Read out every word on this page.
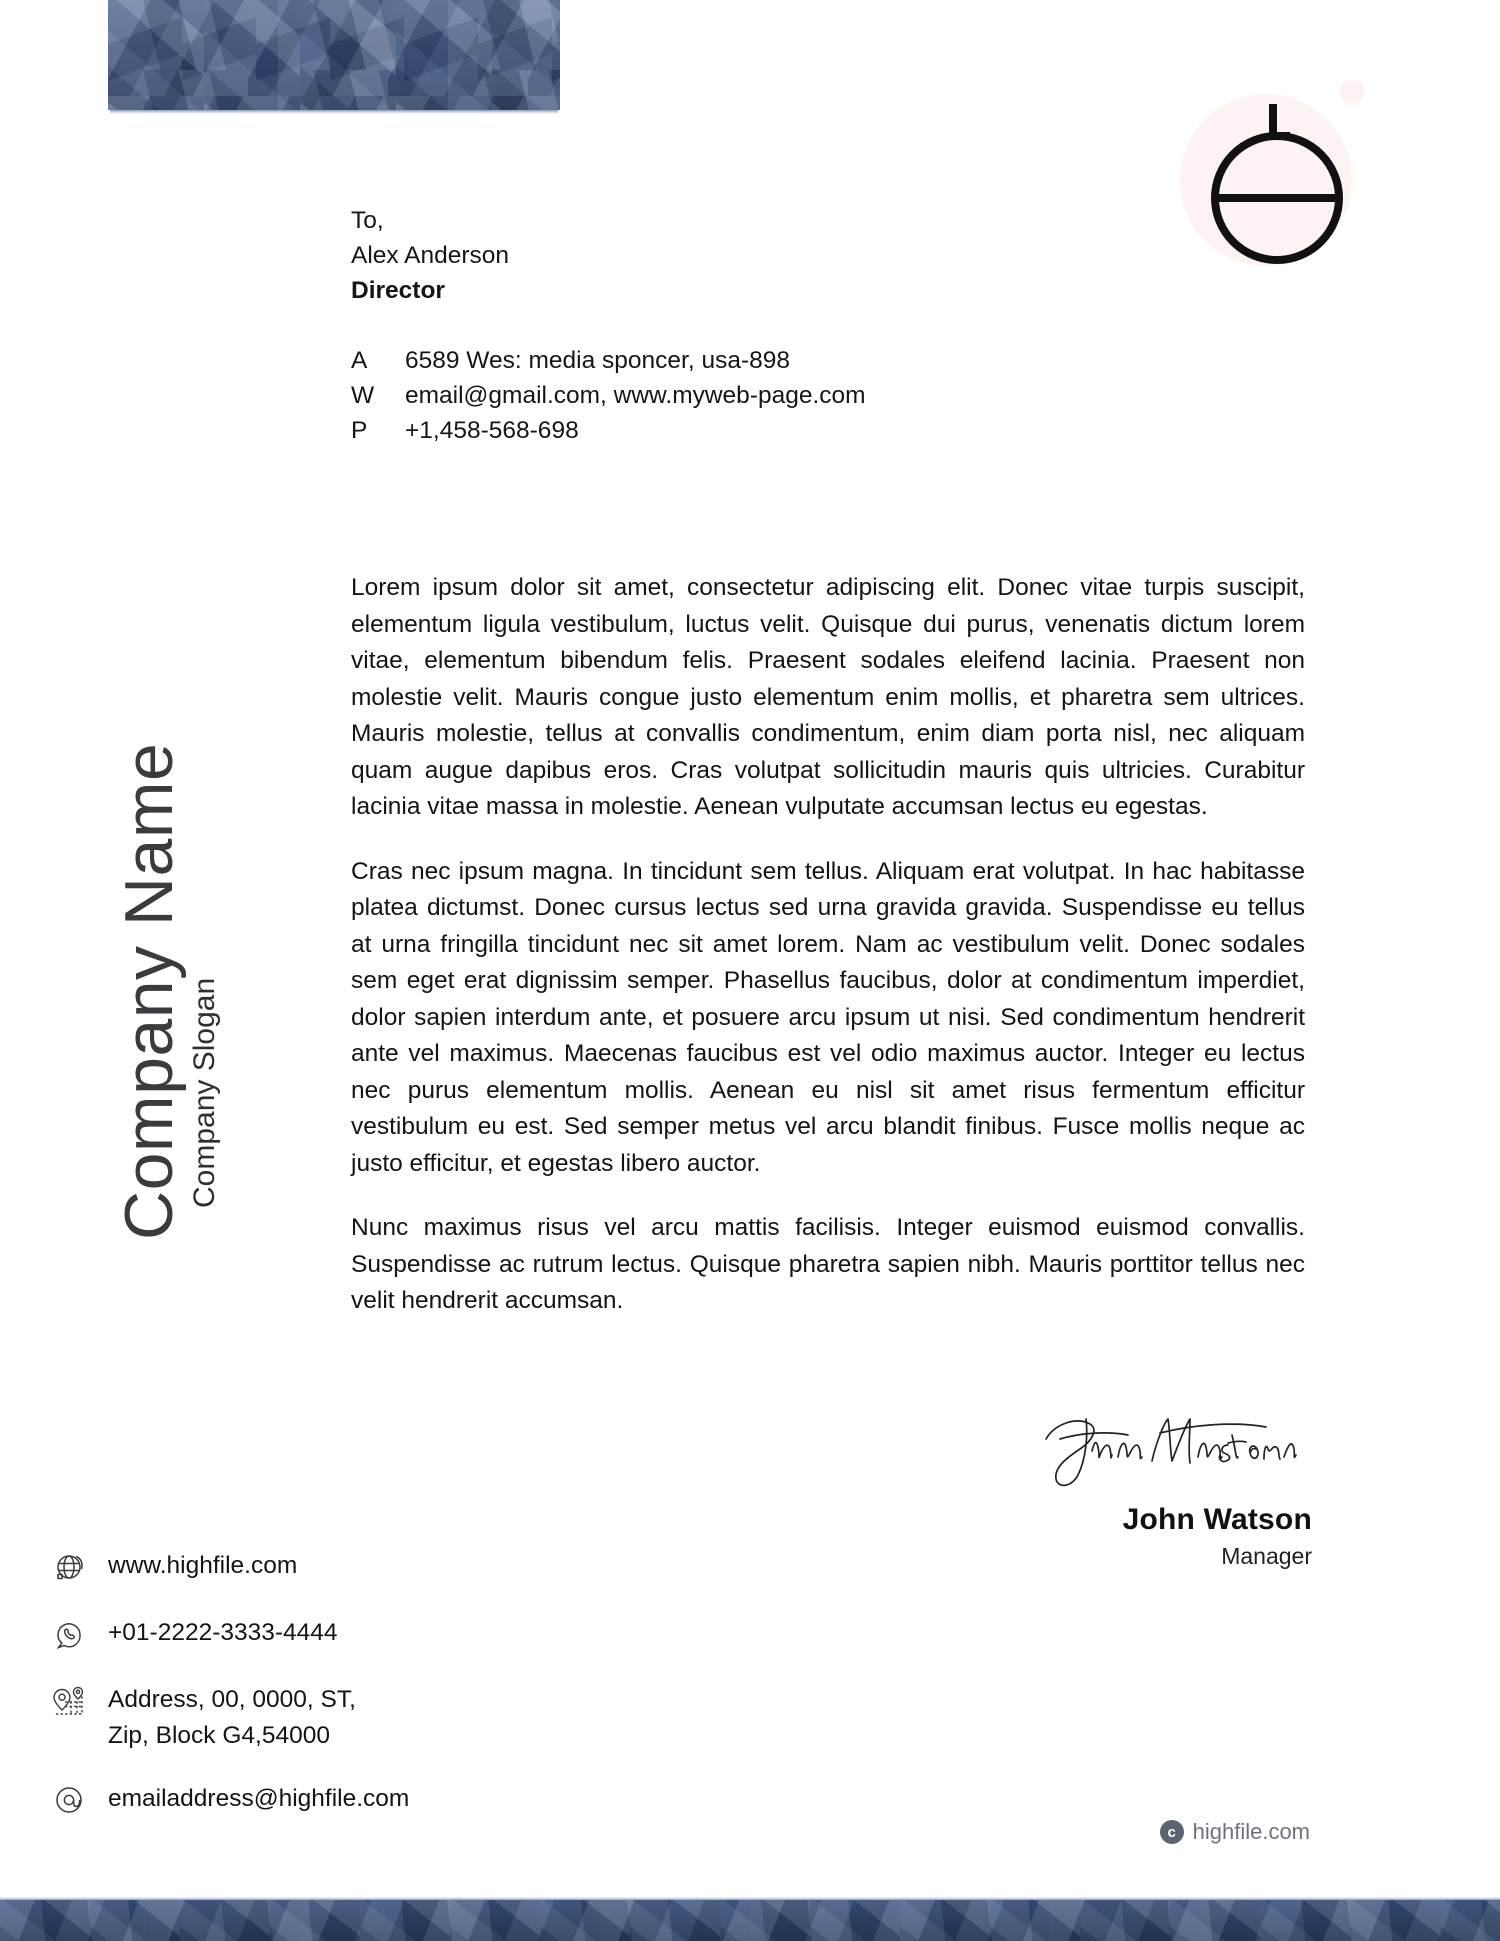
Company Name Company Slogan
To,
Alex Anderson
Director
A	6589 Wes: media sponcer, usa-898
W	email@gmail.com, www.myweb-page.com
P	+1,458-568-698

Lorem ipsum dolor sit amet, consectetur adipiscing elit. Donec vitae turpis suscipit, elementum ligula vestibulum, luctus velit. Quisque dui purus, venenatis dictum lorem vitae, elementum bibendum felis. Praesent sodales eleifend lacinia. Praesent non molestie velit. Mauris congue justo elementum enim mollis, et pharetra sem ultrices. Mauris molestie, tellus at convallis condimentum, enim diam porta nisl, nec aliquam quam augue dapibus eros. Cras volutpat sollicitudin mauris quis ultricies. Curabitur lacinia vitae massa in molestie. Aenean vulputate accumsan lectus eu egestas.

Cras nec ipsum magna. In tincidunt sem tellus. Aliquam erat volutpat. In hac habitasse platea dictumst. Donec cursus lectus sed urna gravida gravida. Suspendisse eu tellus at urna fringilla tincidunt nec sit amet lorem. Nam ac vestibulum velit. Donec sodales sem eget erat dignissim semper. Phasellus faucibus, dolor at condimentum imperdiet, dolor sapien interdum ante, et posuere arcu ipsum ut nisi. Sed condimentum hendrerit ante vel maximus. Maecenas faucibus est vel odio maximus auctor. Integer eu lectus nec purus elementum mollis. Aenean eu nisl sit amet risus fermentum efficitur vestibulum eu est. Sed semper metus vel arcu blandit finibus. Fusce mollis neque ac justo efficitur, et egestas libero auctor.

Nunc maximus risus vel arcu mattis facilisis. Integer euismod euismod convallis. Suspendisse ac rutrum lectus. Quisque pharetra sapien nibh. Mauris porttitor tellus nec velit hendrerit accumsan.

John Watson
Manager
www.highfile.com
+01-2222-3333-4444
Address, 00, 0000, ST,
Zip, Block G4,54000
emailaddress@highfile.com
c highfile.com
